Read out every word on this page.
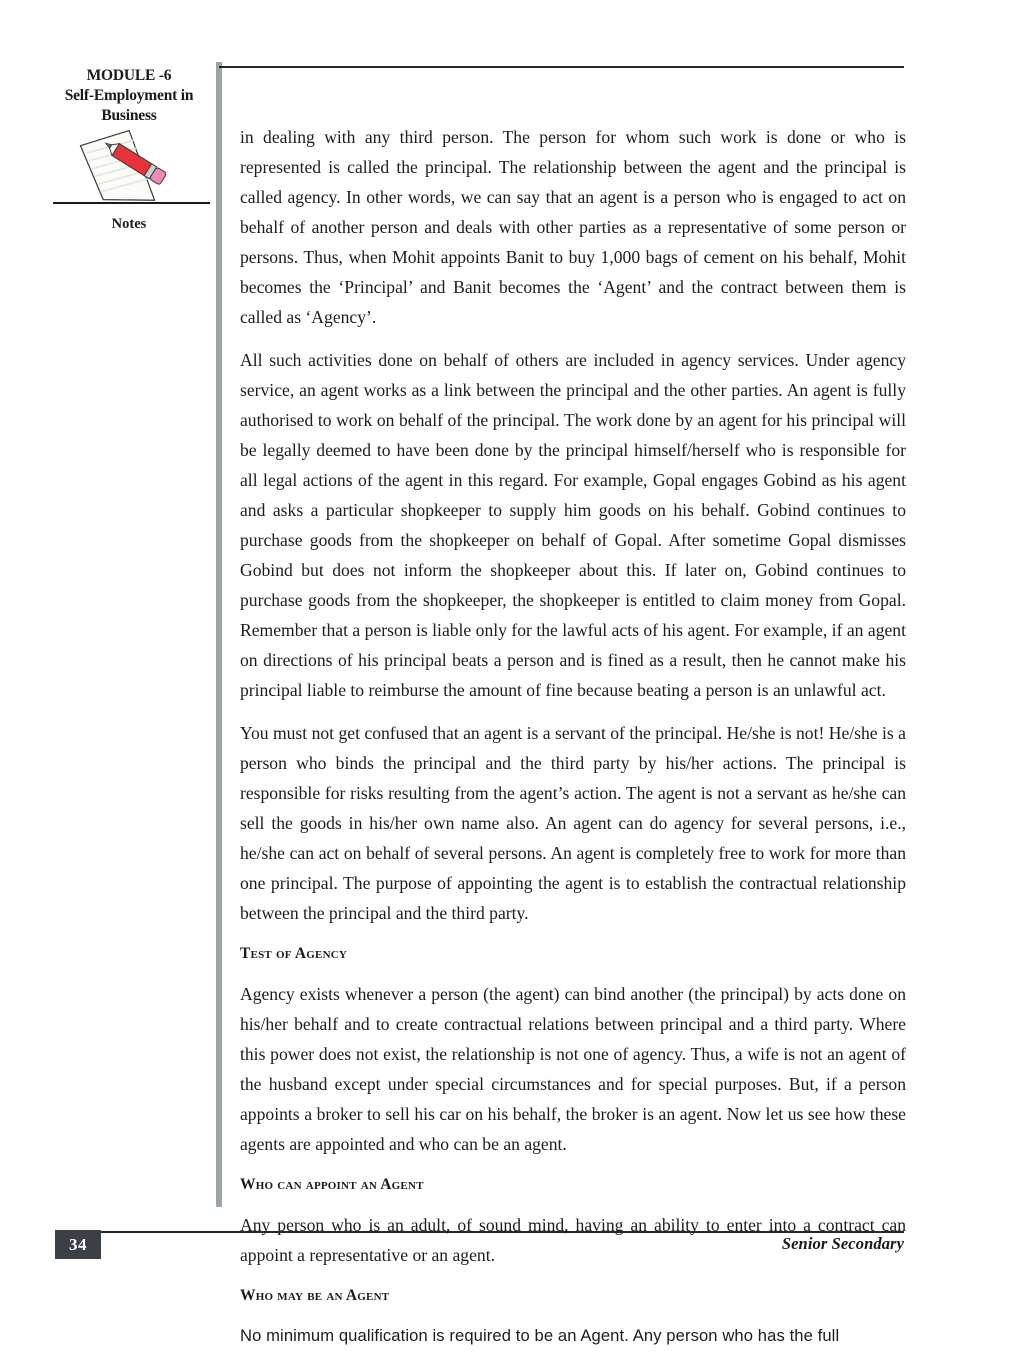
MODULE -6
Self-Employment in
Business
Notes

in dealing with any third person. The person for whom such work is done or who is represented is called the principal. The relationship between the agent and the principal is called agency. In other words, we can say that an agent is a person who is engaged to act on behalf of another person and deals with other parties as a representative of some person or persons. Thus, when Mohit appoints Banit to buy 1,000 bags of cement on his behalf, Mohit becomes the ‘Principal’ and Banit becomes the ‘Agent’ and the contract between them is called as ‘Agency’.

All such activities done on behalf of others are included in agency services. Under agency service, an agent works as a link between the principal and the other parties. An agent is fully authorised to work on behalf of the principal. The work done by an agent for his principal will be legally deemed to have been done by the principal himself/herself who is responsible for all legal actions of the agent in this regard. For example, Gopal engages Gobind as his agent and asks a particular shopkeeper to supply him goods on his behalf. Gobind continues to purchase goods from the shopkeeper on behalf of Gopal. After sometime Gopal dismisses Gobind but does not inform the shopkeeper about this. If later on, Gobind continues to purchase goods from the shopkeeper, the shopkeeper is entitled to claim money from Gopal. Remember that a person is liable only for the lawful acts of his agent. For example, if an agent on directions of his principal beats a person and is fined as a result, then he cannot make his principal liable to reimburse the amount of fine because beating a person is an unlawful act.

You must not get confused that an agent is a servant of the principal. He/she is not! He/she is a person who binds the principal and the third party by his/her actions. The principal is responsible for risks resulting from the agent’s action. The agent is not a servant as he/she can sell the goods in his/her own name also. An agent can do agency for several persons, i.e., he/she can act on behalf of several persons. An agent is completely free to work for more than one principal. The purpose of appointing the agent is to establish the contractual relationship between the principal and the third party.

Test of Agency

Agency exists whenever a person (the agent) can bind another (the principal) by acts done on his/her behalf and to create contractual relations between principal and a third party. Where this power does not exist, the relationship is not one of agency. Thus, a wife is not an agent of the husband except under special circumstances and for special purposes. But, if a person appoints a broker to sell his car on his behalf, the broker is an agent. Now let us see how these agents are appointed and who can be an agent.

Who can appoint an Agent

Any person who is an adult, of sound mind, having an ability to enter into a contract can appoint a representative or an agent.

Who may be an Agent

No minimum qualification is required to be an Agent. Any person who has the full

34	Senior Secondary
